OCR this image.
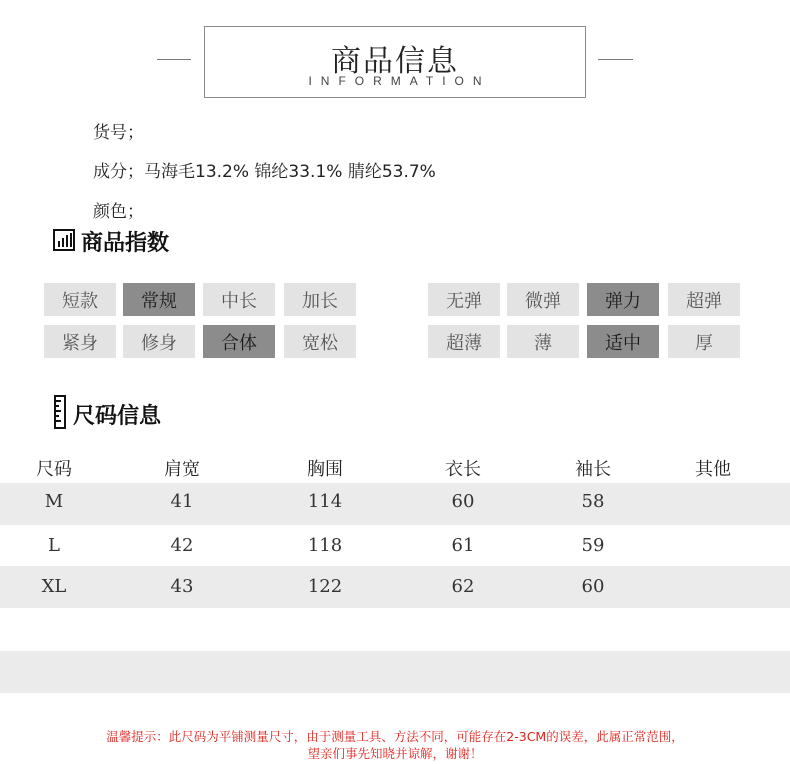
商品信息
INFORMATION
货号；
成分；马海毛13.2% 锦纶33.1% 腈纶53.7%
颜色；
商品指数
短款	常规	中长	加长
紧身	修身	合体	宽松
无弹	微弹	弹力	超弹
超薄	薄	适中	厚
尺码信息
尺码	肩宽	胸围	衣长	袖长	其他
M	41	114	60	58
L	42	118	61	59
XL	43	122	62	60
温馨提示：此尺码为平铺测量尺寸，由于测量工具、方法不同，可能存在2-3CM的误差，此属正常范围，
望亲们事先知晓并谅解，谢谢！
